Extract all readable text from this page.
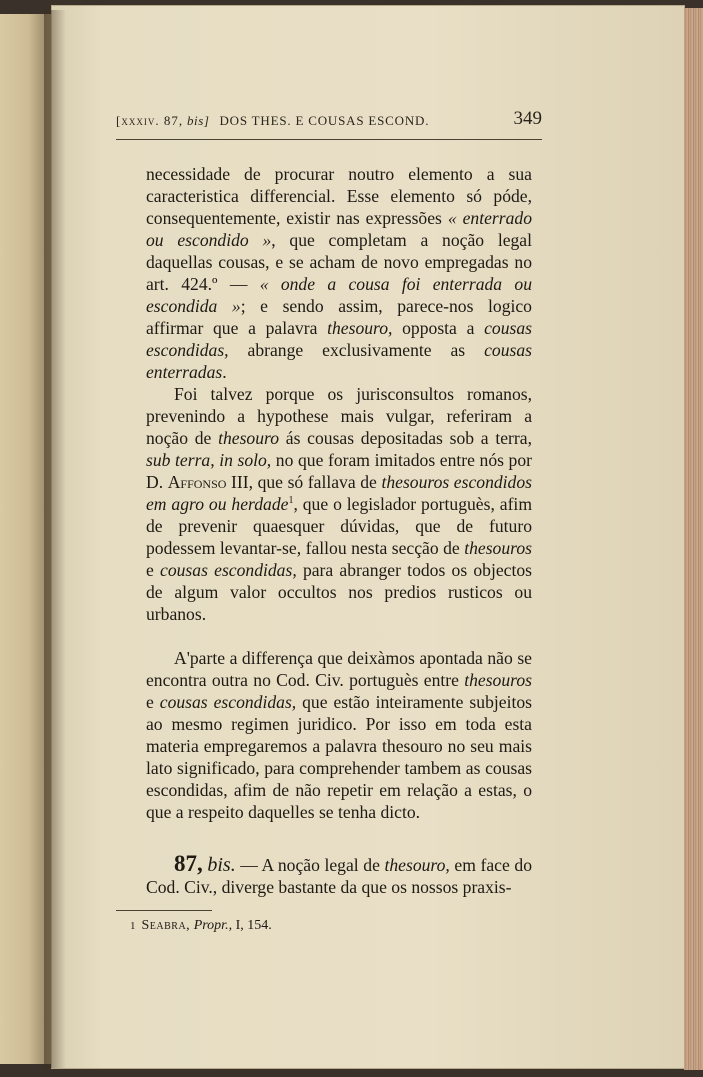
[xxxiv. 87, bis] DOS THES. E COUSAS ESCOND.	349

necessidade de procurar noutro elemento a sua caracteristica differencial. Esse elemento só póde, consequentemente, existir nas expressões « enterrado ou escondido », que completam a noção legal daquellas cousas, e se acham de novo empregadas no art. 424.º — « onde a cousa foi enterrada ou escondida »; e sendo assim, parece-nos logico affirmar que a palavra thesouro, opposta a cousas escondidas, abrange exclusivamente as cousas enterradas.

Foi talvez porque os jurisconsultos romanos, prevenindo a hypothese mais vulgar, referiram a noção de thesouro ás cousas depositadas sob a terra, sub terra, in solo, no que foram imitados entre nós por D. Affonso III, que só fallava de thesouros escondidos em agro ou herdade$^1$, que o legislador portuguès, afim de prevenir quaesquer dúvidas, que de futuro podessem levantar-se, fallou nesta secção de thesouros e cousas escondidas, para abranger todos os objectos de algum valor occultos nos predios rusticos ou urbanos.

A'parte a differença que deixàmos apontada não se encontra outra no Cod. Civ. portuguès entre thesouros e cousas escondidas, que estão inteiramente subjeitos ao mesmo regimen juridico. Por isso em toda esta materia empregaremos a palavra thesouro no seu mais lato significado, para comprehender tambem as cousas escondidas, afim de não repetir em relação a estas, o que a respeito daquelles se tenha dicto.

87, bis. — A noção legal de thesouro, em face do Cod. Civ., diverge bastante da que os nossos praxis-

1 Seabra, Propr., I, 154.
